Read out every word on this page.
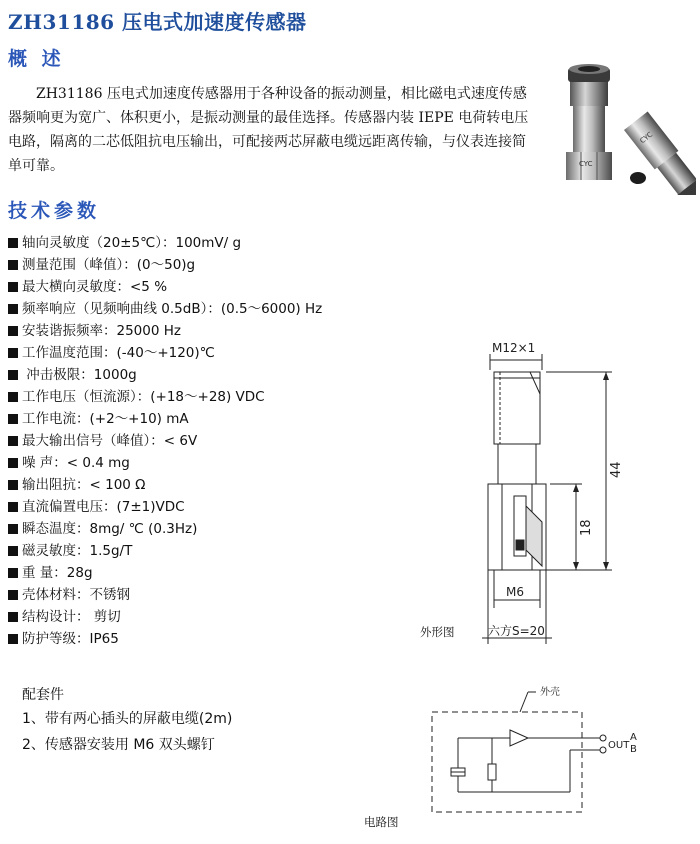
ZH31186 压电式加速度传感器
概 述
ZH31186 压电式加速度传感器用于各种设备的振动测量，相比磁电式速度传感器频响更为宽广、体积更小，是振动测量的最佳选择。传感器内装 IEPE 电荷转电压电路，隔离的二芯低阻抗电压输出，可配接两芯屏蔽电缆远距离传输，与仪表连接简单可靠。	CYC
CYC
技术参数
轴向灵敏度（20±5℃）：100mV/ g
测量范围（峰值）：(0～50)g
最大横向灵敏度：<5 %
频率响应（见频响曲线 0.5dB）：(0.5～6000) Hz
安装谐振频率：25000 Hz
工作温度范围：(-40～+120)℃
冲击极限：1000g
工作电压（恒流源）：(+18～+28) VDC
工作电流：(+2～+10) mA
最大输出信号（峰值）：< 6V
噪 声：< 0.4 mg
输出阻抗：< 100 Ω
直流偏置电压：(7±1)VDC
瞬态温度：8mg/ ℃ (0.3Hz)
磁灵敏度：1.5g/T
重 量：28g
壳体材料：不锈钢
结构设计： 剪切
防护等级：IP65
M12×1
44
18
M6
六方S=20
外形图
配套件
1、带有两心插头的屏蔽电缆(2m)
2、传感器安装用 M6 双头螺钉
外壳
OUT
A
B
电路图
